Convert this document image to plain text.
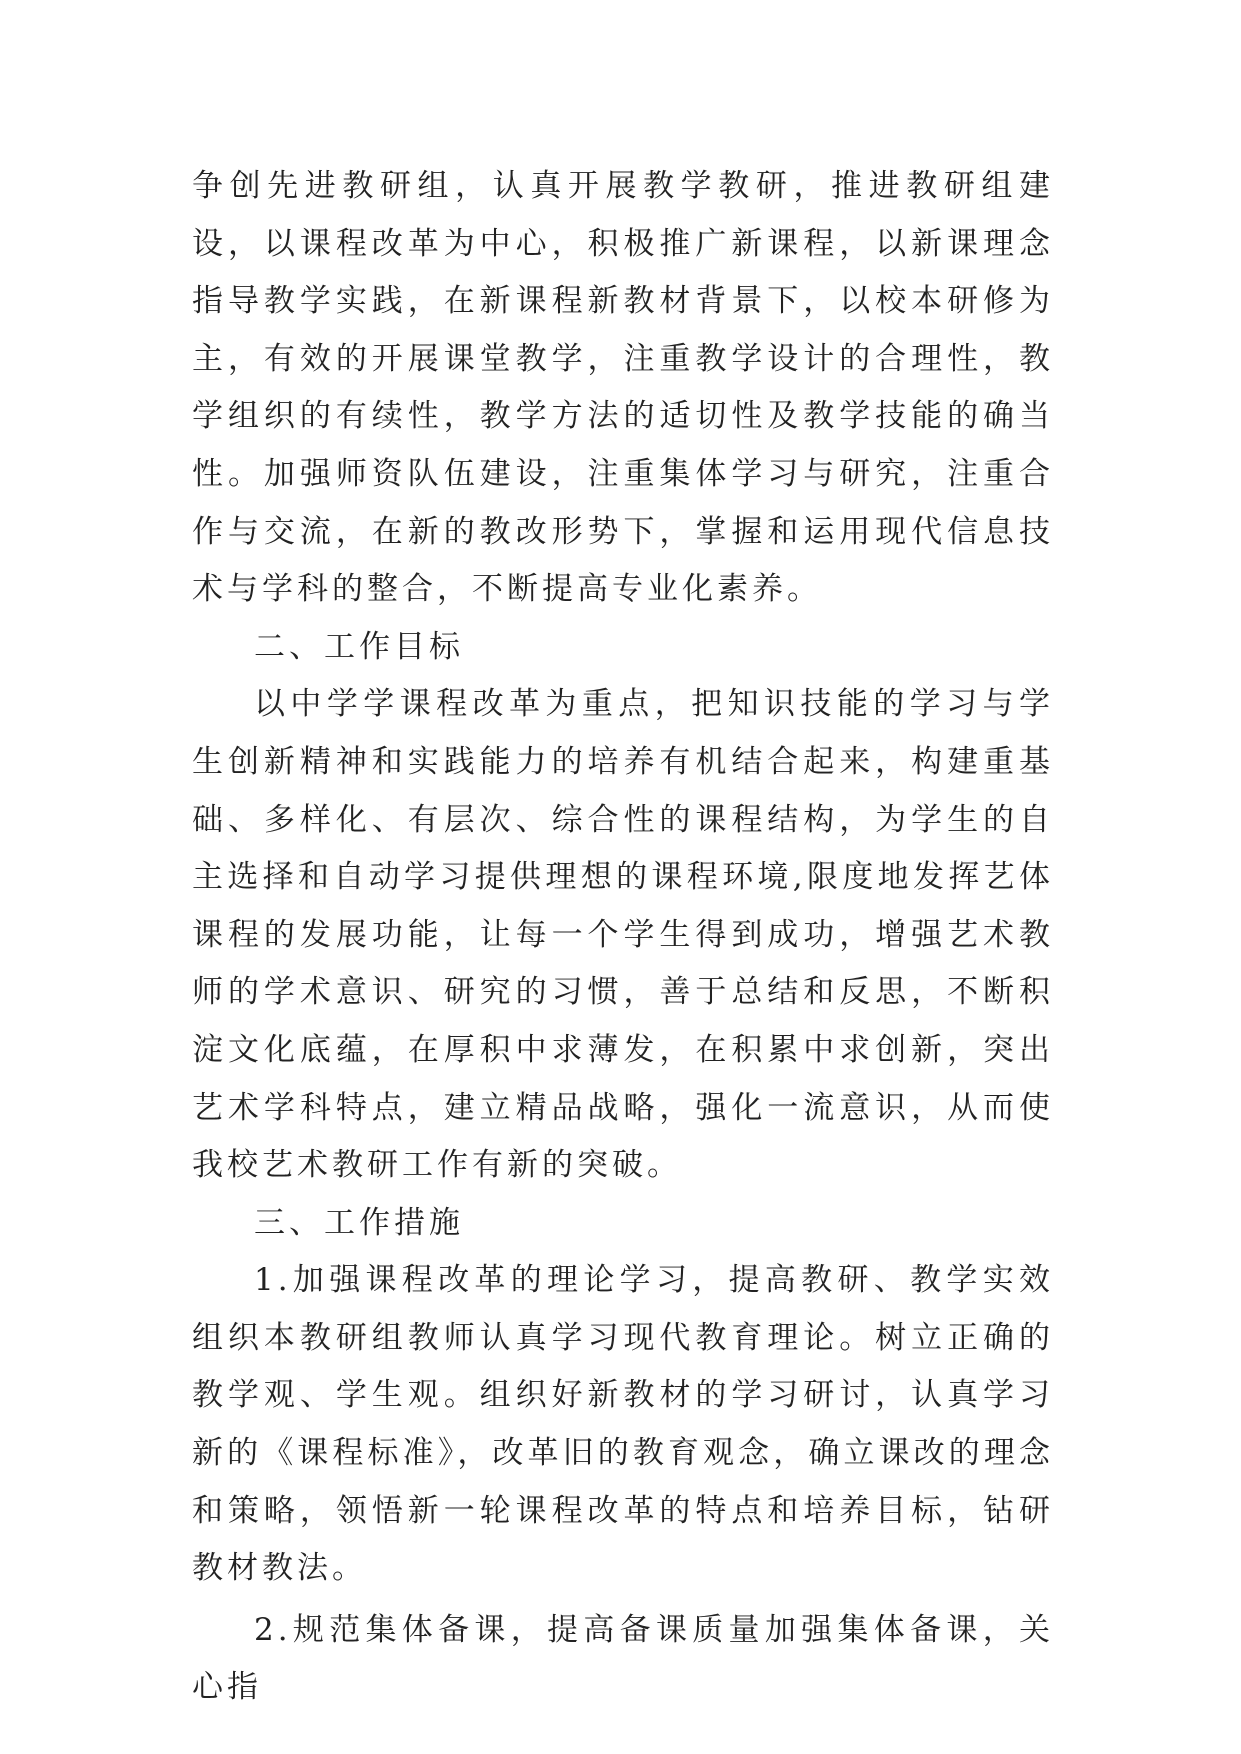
争创先进教研组，认真开展教学教研，推进教研组建设，以课程改革为中心，积极推广新课程，以新课理念指导教学实践，在新课程新教材背景下，以校本研修为主，有效的开展课堂教学，注重教学设计的合理性，教学组织的有续性，教学方法的适切性及教学技能的确当性。加强师资队伍建设，注重集体学习与研究，注重合作与交流，在新的教改形势下，掌握和运用现代信息技术与学科的整合，不断提高专业化素养。

二、工作目标

以中学学课程改革为重点，把知识技能的学习与学生创新精神和实践能力的培养有机结合起来，构建重基础、多样化、有层次、综合性的课程结构，为学生的自主选择和自动学习提供理想的课程环境,限度地发挥艺体课程的发展功能，让每一个学生得到成功，增强艺术教师的学术意识、研究的习惯，善于总结和反思，不断积淀文化底蕴，在厚积中求薄发，在积累中求创新，突出艺术学科特点，建立精品战略，强化一流意识，从而使我校艺术教研工作有新的突破。

三、工作措施

1.加强课程改革的理论学习，提高教研、教学实效组织本教研组教师认真学习现代教育理论。树立正确的教学观、学生观。组织好新教材的学习研讨，认真学习新的《课程标准》，改革旧的教育观念，确立课改的理念和策略，领悟新一轮课程改革的特点和培养目标，钻研教材教法。

2.规范集体备课，提高备课质量加强集体备课，关心指
